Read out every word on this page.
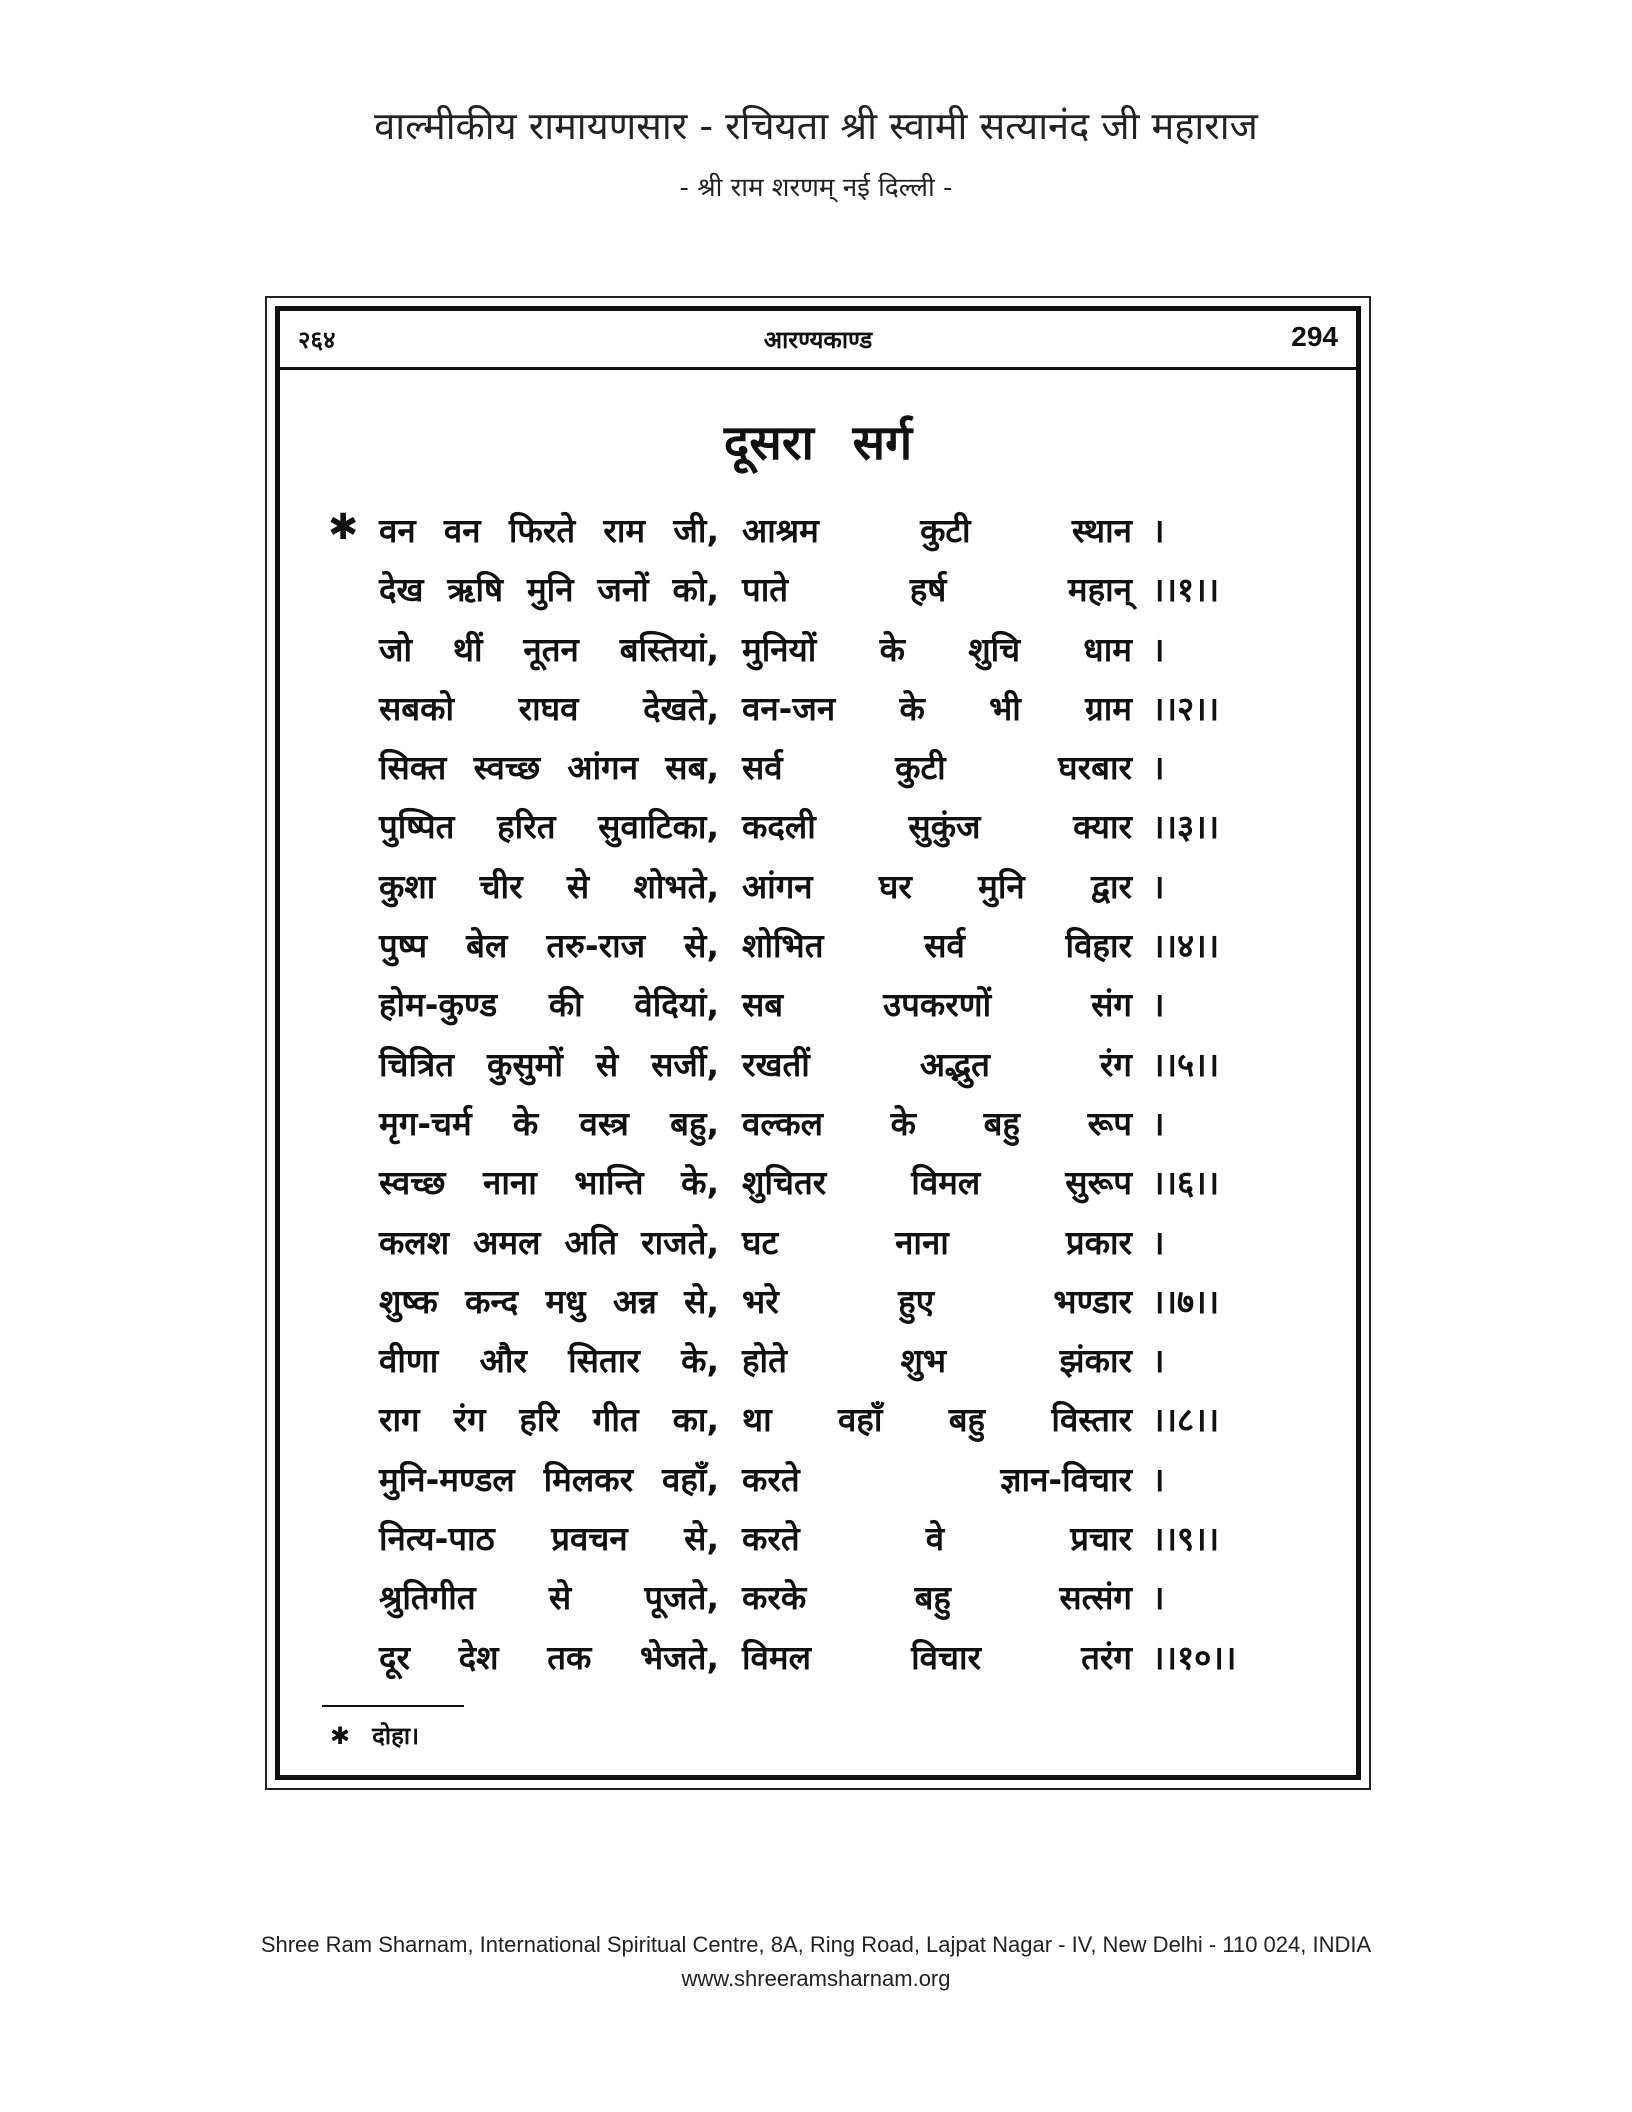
वाल्मीकीय रामायणसार - रचियता श्री स्वामी सत्यानंद जी महाराज
- श्री राम शरणम् नई दिल्ली -
२६४	आरण्यकाण्ड	294
दूसरा सर्ग
✱ वन वन फिरते राम जी, आश्रम कुटी स्थान ।
देख ऋषि मुनि जनों को, पाते हर्ष महान् ।।१।।
जो थीं नूतन बस्तियां, मुनियों के शुचि धाम ।
सबको राघव देखते, वन-जन के भी ग्राम ।।२।।
सिक्त स्वच्छ आंगन सब, सर्व कुटी घरबार ।
पुष्पित हरित सुवाटिका, कदली सुकुंज क्यार ।।३।।
कुशा चीर से शोभते, आंगन घर मुनि द्वार ।
पुष्प बेल तरु-राज से, शोभित सर्व विहार ।।४।।
होम-कुण्ड की वेदियां, सब उपकरणों संग ।
चित्रित कुसुमों से सर्जी, रखतीं अद्भुत रंग ।।५।।
मृग-चर्म के वस्त्र बहु, वल्कल के बहु रूप ।
स्वच्छ नाना भान्ति के, शुचितर विमल सुरूप ।।६।।
कलश अमल अति राजते, घट नाना प्रकार ।
शुष्क कन्द मधु अन्न से, भरे हुए भण्डार ।।७।।
वीणा और सितार के, होते शुभ झंकार ।
राग रंग हरि गीत का, था वहाँ बहु विस्तार ।।८।।
मुनि-मण्डल मिलकर वहाँ, करते ज्ञान-विचार ।
नित्य-पाठ प्रवचन से, करते वे प्रचार ।।९।।
श्रुतिगीत से पूजते, करके बहु सत्संग ।
दूर देश तक भेजते, विमल विचार तरंग ।।१०।।
✱ दोहा।
Shree Ram Sharnam, International Spiritual Centre, 8A, Ring Road, Lajpat Nagar - IV, New Delhi - 110 024, INDIA
www.shreeramsharnam.org
